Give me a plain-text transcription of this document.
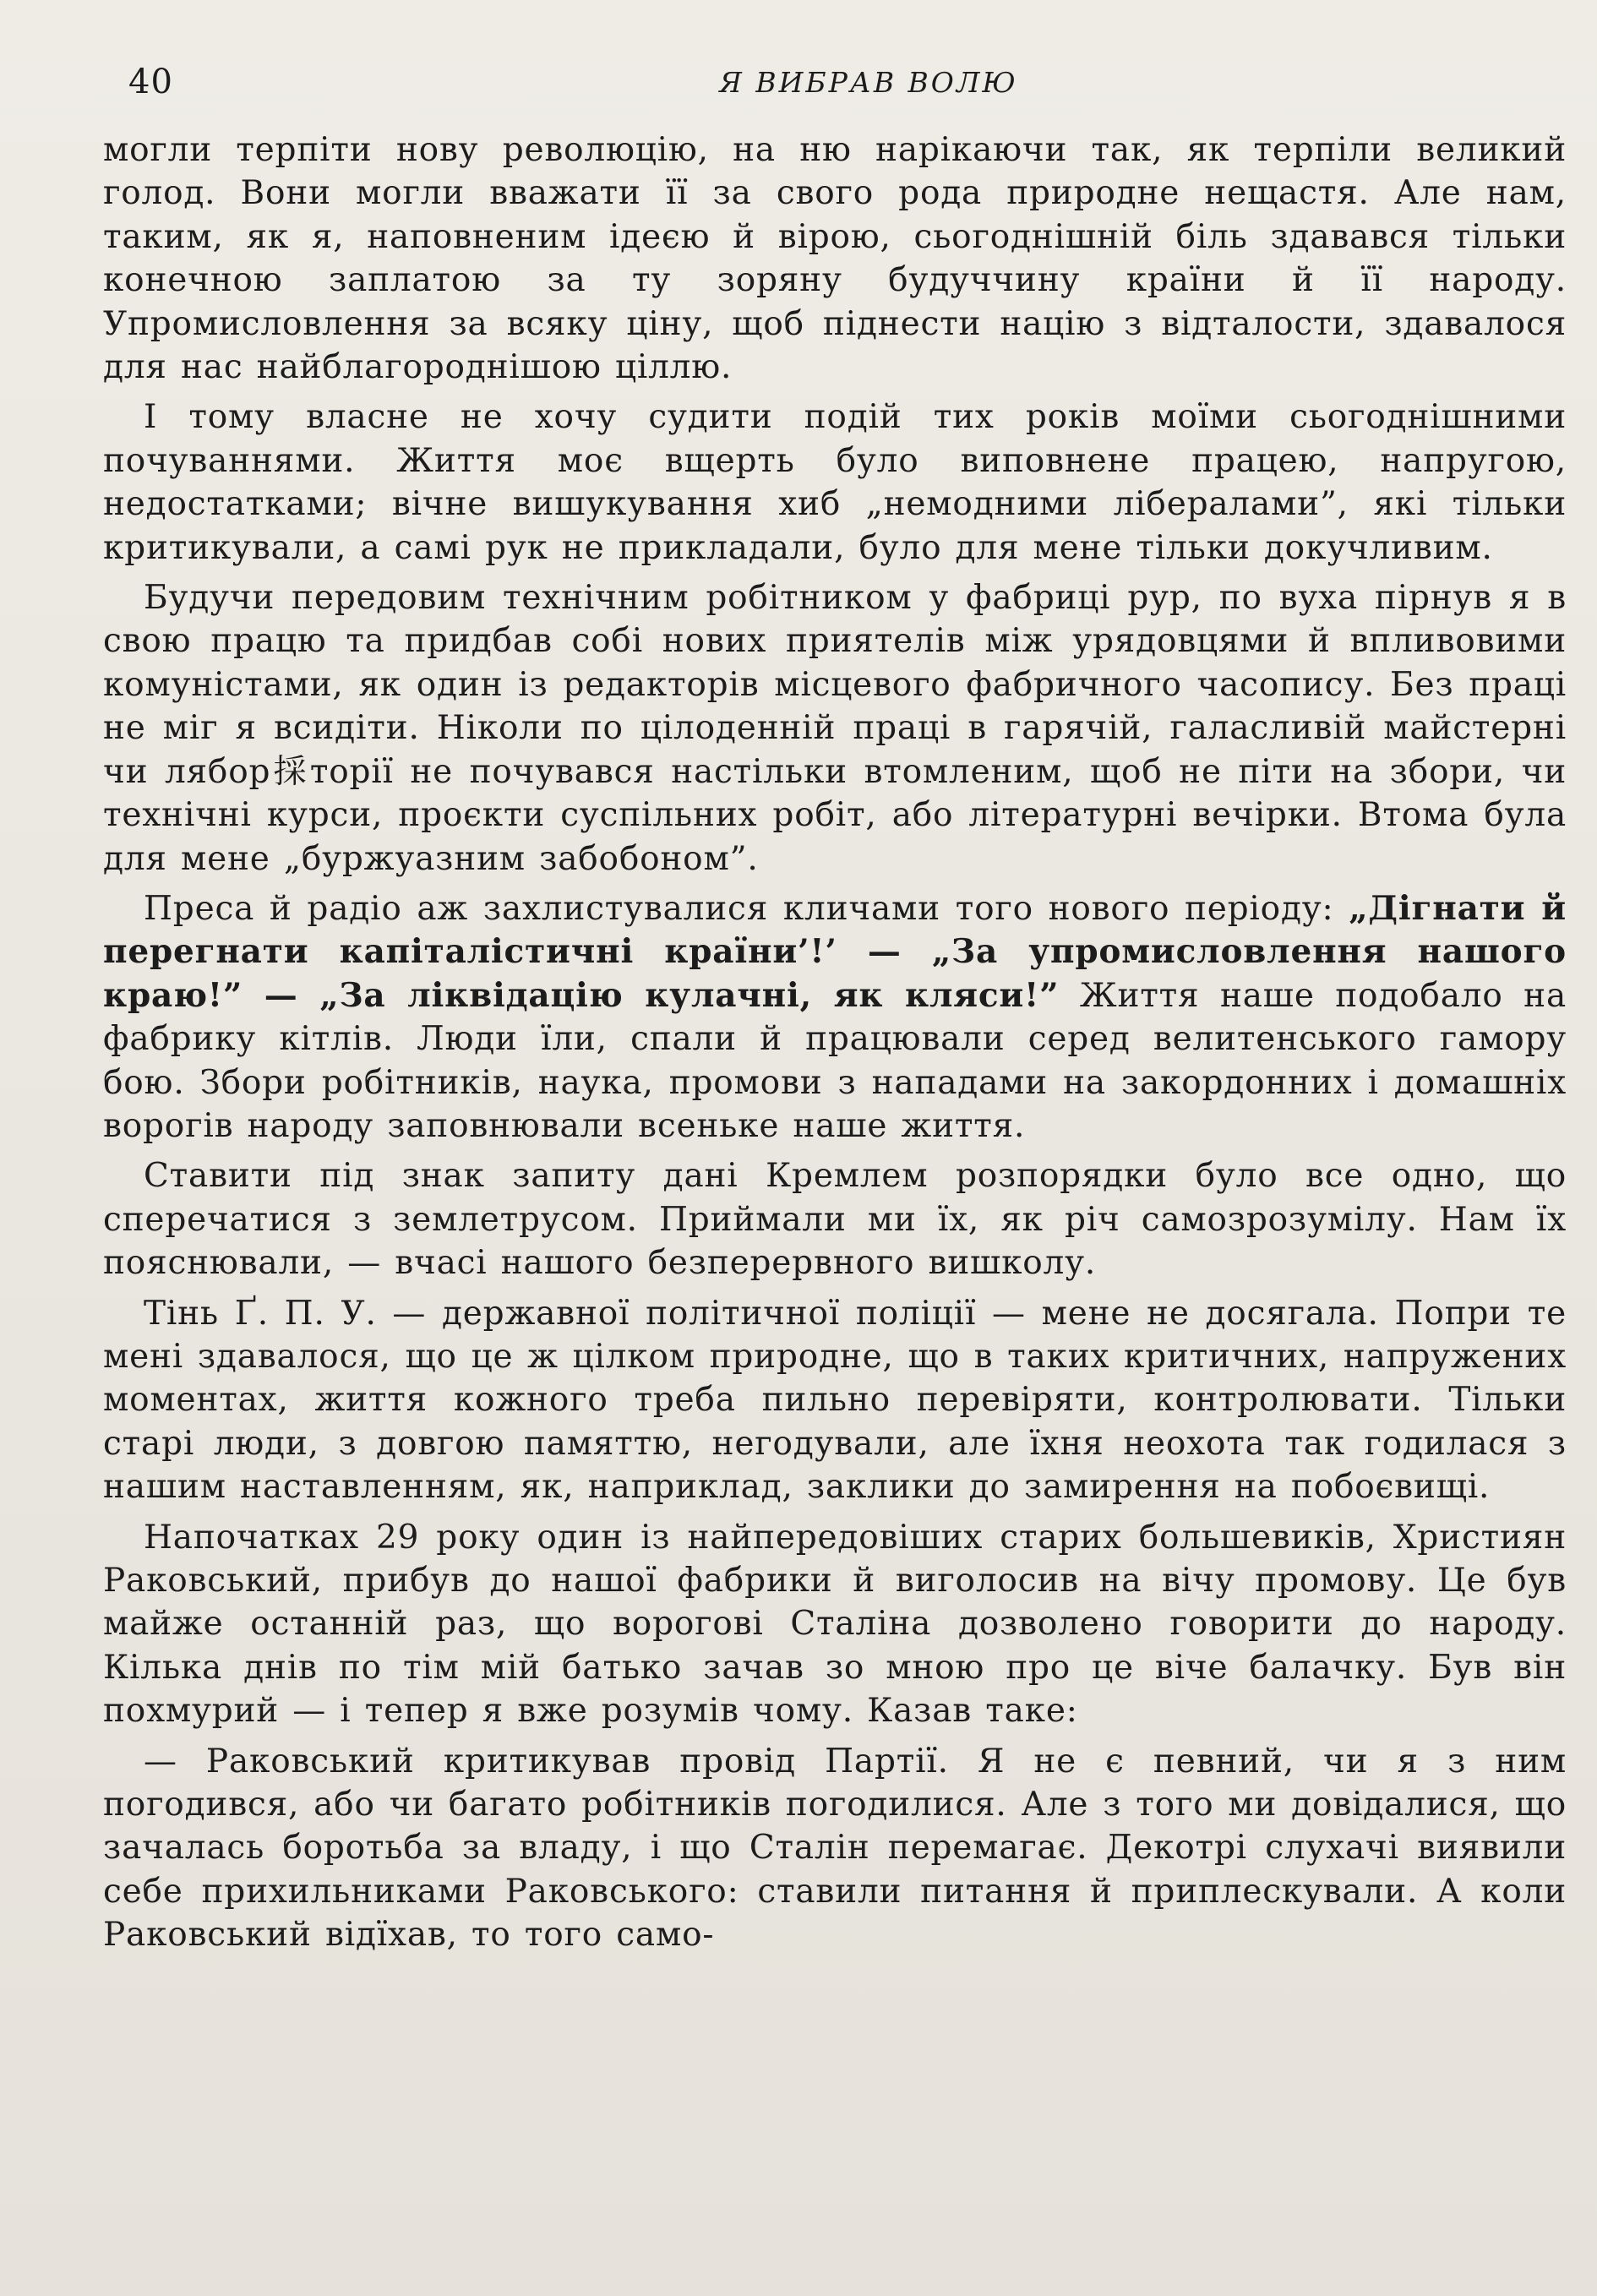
40	Я ВИБРАВ ВОЛЮ

могли терпіти нову революцію, на ню нарікаючи так, як терпіли великий голод. Вони могли вважати її за свого рода природне нещастя. Але нам, таким, як я, наповненим ідеєю й вірою, сьогоднішній біль здавався тільки конечною заплатою за ту зоряну будуччину країни й її народу. Упромисловлення за всяку ціну, щоб піднести націю з відталости, здавалося для нас найблагороднішою ціллю.

І тому власне не хочу судити подій тих років моїми сьогоднішними почуваннями. Життя моє вщерть було виповнене працею, напругою, недостатками; вічне вишукування хиб „немодними лібералами”, які тільки критикували, а самі рук не прикладали, було для мене тільки докучливим.

Будучи передовим технічним робітником у фабриці рур, по вуха пірнув я в свою працю та придбав собі нових приятелів між урядовцями й впливовими комуністами, як один із редакторів місцевого фабричного часопису. Без праці не міг я всидіти. Ніколи по цілоденній праці в гарячій, галасливій майстерні чи лябор採торії не почувався настільки втомленим, щоб не піти на збори, чи технічні курси, проєкти суспільних робіт, або літературні вечірки. Втома була для мене „буржуазним забобоном”.

Преса й радіо аж захлистувалися кличами того нового періоду: „Дігнати й перегнати капіталістичні країни’!’ — „За упромисловлення нашого краю!” — „За ліквідацію кулачні, як кляси!” Життя наше подобало на фабрику кітлів. Люди їли, спали й працювали серед велитенського гамору бою. Збори робітників, наука, промови з нападами на закордонних і домашніх ворогів народу заповнювали всеньке наше життя.

Ставити під знак запиту дані Кремлем розпорядки було все одно, що сперечатися з землетрусом. Приймали ми їх, як річ самозрозумілу. Нам їх пояснювали, — вчасі нашого безперервного вишколу.

Тінь Ґ. П. У. — державної політичної поліції — мене не досягала. Попри те мені здавалося, що це ж цілком природне, що в таких критичних, напружених моментах, життя кожного треба пильно перевіряти, контролювати. Тільки старі люди, з довгою памяттю, негодували, але їхня неохота так годилася з нашим наставленням, як, наприклад, заклики до замирення на побоєвищі.

Напочатках 29 року один із найпередовіших старих большевиків, Християн Раковський, прибув до нашої фабрики й виголосив на вічу промову. Це був майже останній раз, що ворогові Сталіна дозволено говорити до народу. Кілька днів по тім мій батько зачав зо мною про це віче балачку. Був він похмурий — і тепер я вже розумів чому. Казав таке:

— Раковський критикував провід Партії. Я не є певний, чи я з ним погодився, або чи багато робітників погодилися. Але з того ми довідалися, що зачалась боротьба за владу, і що Сталін перемагає. Декотрі слухачі виявили себе прихильниками Раковського: ставили питання й приплескували. А коли Раковський відїхав, то того само-
